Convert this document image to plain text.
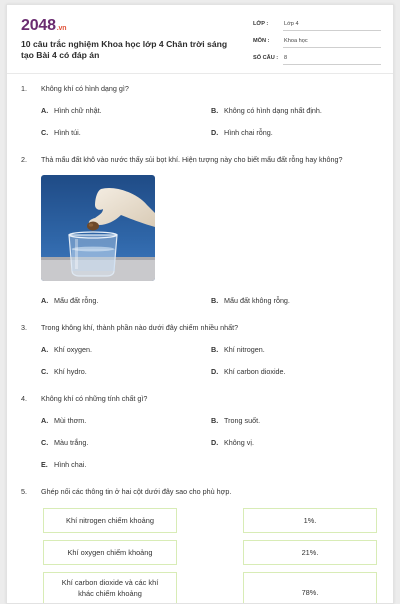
2048.vn
10 câu trắc nghiệm Khoa học lớp 4 Chân trời sáng tạo Bài 4 có đáp án
LỚP :	Lớp 4
MÔN :	Khoa học
SỐ CÂU : 8
1. Không khí có hình dạng gì?
A. Hình chữ nhật.	B. Không có hình dạng nhất định.
C. Hình túi.	D. Hình chai rỗng.
2. Thả mẩu đất khô vào nước thấy sủi bọt khí. Hiện tượng này cho biết mẩu đất rỗng hay không?
A. Mẩu đất rỗng.	B. Mẩu đất không rỗng.
3. Trong không khí, thành phần nào dưới đây chiếm nhiều nhất?
A. Khí oxygen.	B. Khí nitrogen.
C. Khí hydro.	D. Khí carbon dioxide.
4. Không khí có những tính chất gì?
A. Mùi thơm.	B. Trong suốt.
C. Màu trắng.	D. Không vị.
E. Hình chai.
5. Ghép nối các thông tin ở hai cột dưới đây sao cho phù hợp.
Khí nitrogen chiếm khoảng	1%.
Khí oxygen chiếm khoảng	21%.
Khí carbon dioxide và các khí khác chiếm khoảng	78%.
